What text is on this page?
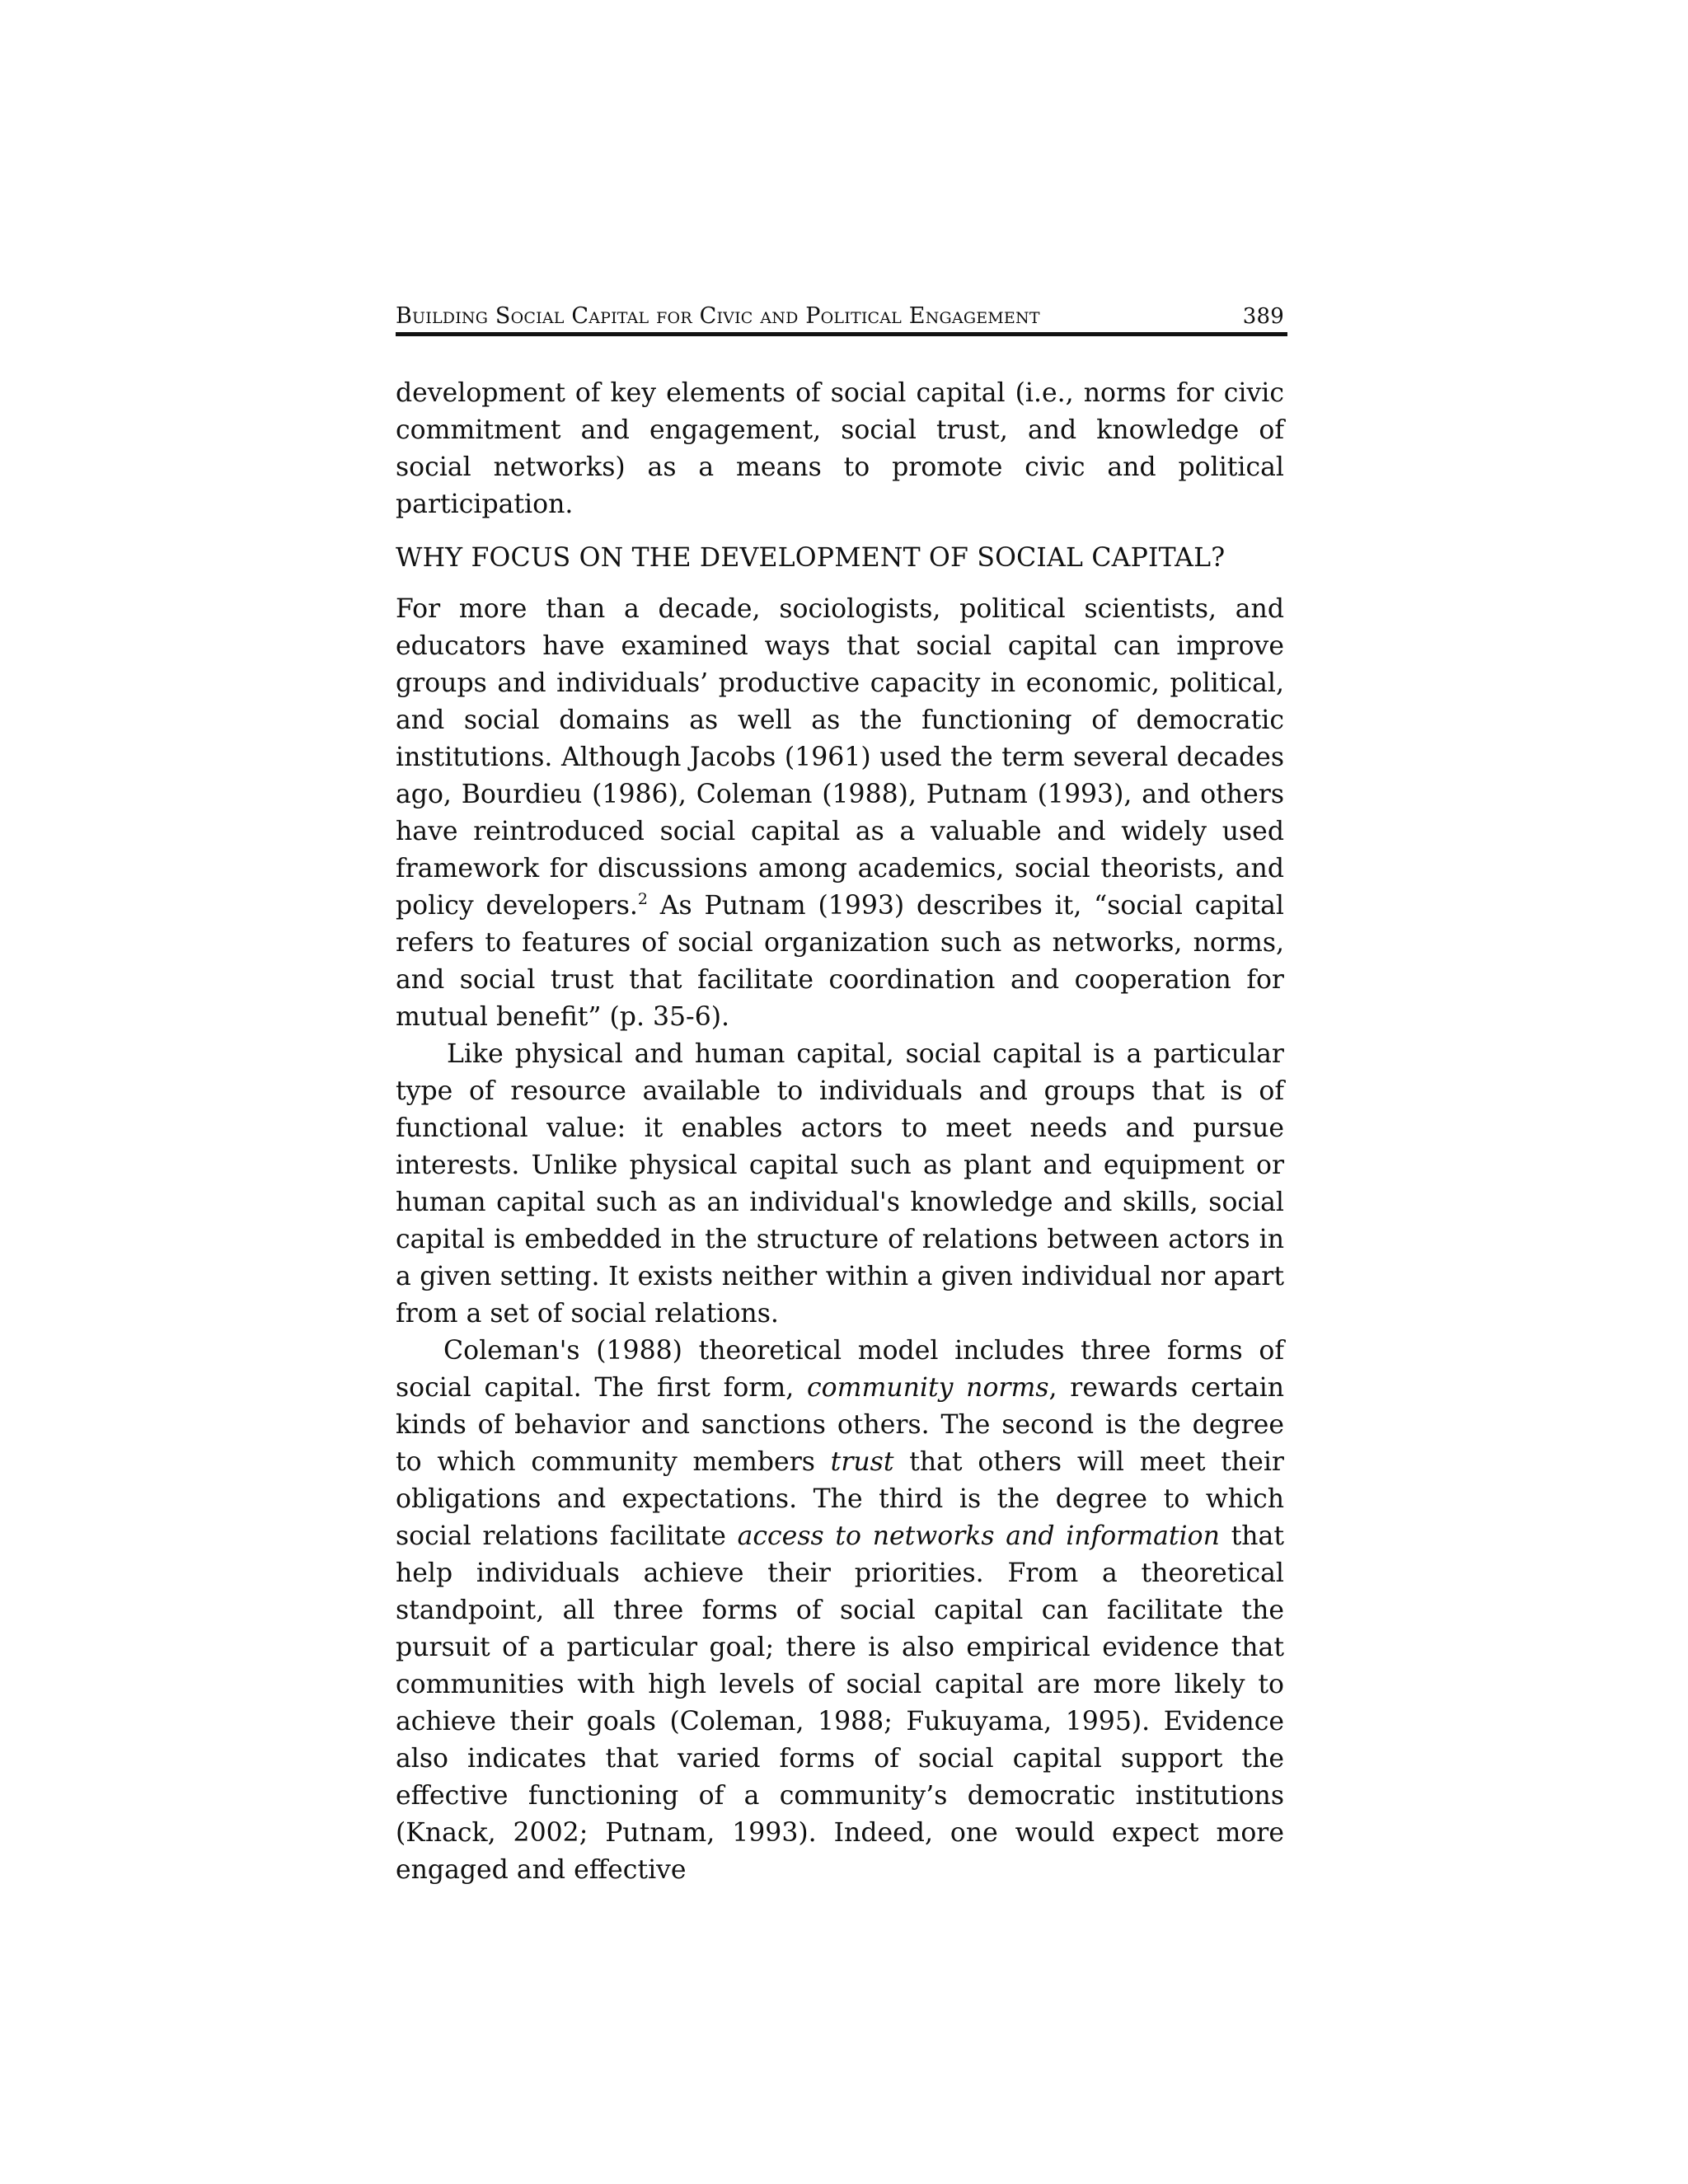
Building Social Capital for Civic and Political Engagement	389

development of key elements of social capital (i.e., norms for civic commitment and engagement, social trust, and knowledge of social networks) as a means to promote civic and political participation.

WHY FOCUS ON THE DEVELOPMENT OF SOCIAL CAPITAL?

For more than a decade, sociologists, political scientists, and educators have examined ways that social capital can improve groups and individuals’ productive capacity in economic, political, and social domains as well as the functioning of democratic institutions. Although Jacobs (1961) used the term several decades ago, Bourdieu (1986), Coleman (1988), Putnam (1993), and others have reintroduced social capital as a valuable and widely used framework for discussions among academics, social theorists, and policy developers.$^2$ As Putnam (1993) describes it, “social capital refers to features of social organization such as networks, norms, and social trust that facilitate coordination and cooperation for mutual benefit” (p. 35-6).

Like physical and human capital, social capital is a particular type of resource available to individuals and groups that is of functional value: it enables actors to meet needs and pursue interests. Unlike physical capital such as plant and equipment or human capital such as an individual's knowledge and skills, social capital is embedded in the structure of relations between actors in a given setting. It exists neither within a given individual nor apart from a set of social relations.

Coleman's (1988) theoretical model includes three forms of social capital. The first form, community norms, rewards certain kinds of behavior and sanctions others. The second is the degree to which community members trust that others will meet their obligations and expectations. The third is the degree to which social relations facilitate access to networks and information that help individuals achieve their priorities. From a theoretical standpoint, all three forms of social capital can facilitate the pursuit of a particular goal; there is also empirical evidence that communities with high levels of social capital are more likely to achieve their goals (Coleman, 1988; Fukuyama, 1995). Evidence also indicates that varied forms of social capital support the effective functioning of a community’s democratic institutions (Knack, 2002; Putnam, 1993). Indeed, one would expect more engaged and effective
